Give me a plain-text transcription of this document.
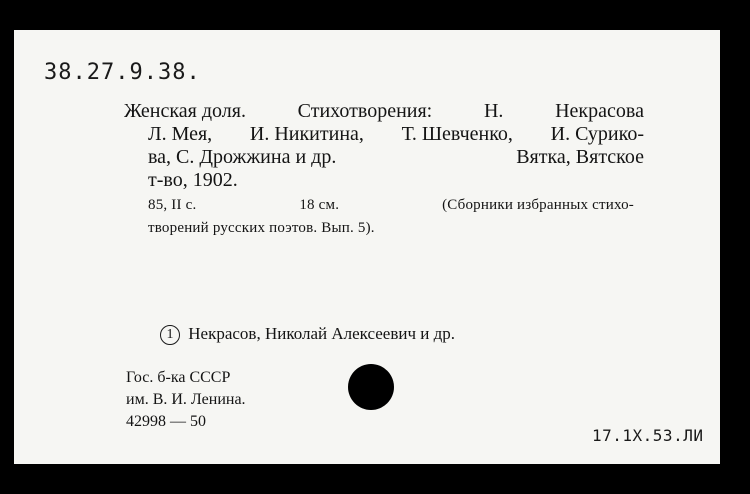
38.27.9.38.
Женская доля.	Стихотворения:	Н.	Некрасова
Л. Мея, И. Никитина, Т. Шевченко, И. Сурико-
ва, С. Дрожжина и др.	Вятка, Вятское
т-во, 1902.
85, II с.	18 см.	(Сборники избранных стихо-
творений русских поэтов. Вып. 5).
1 Некрасов, Николай Алексеевич и др.
Гос. б-ка СССР
им. В. И. Ленина.
42998 — 50
17.1Х.53.ЛИ
